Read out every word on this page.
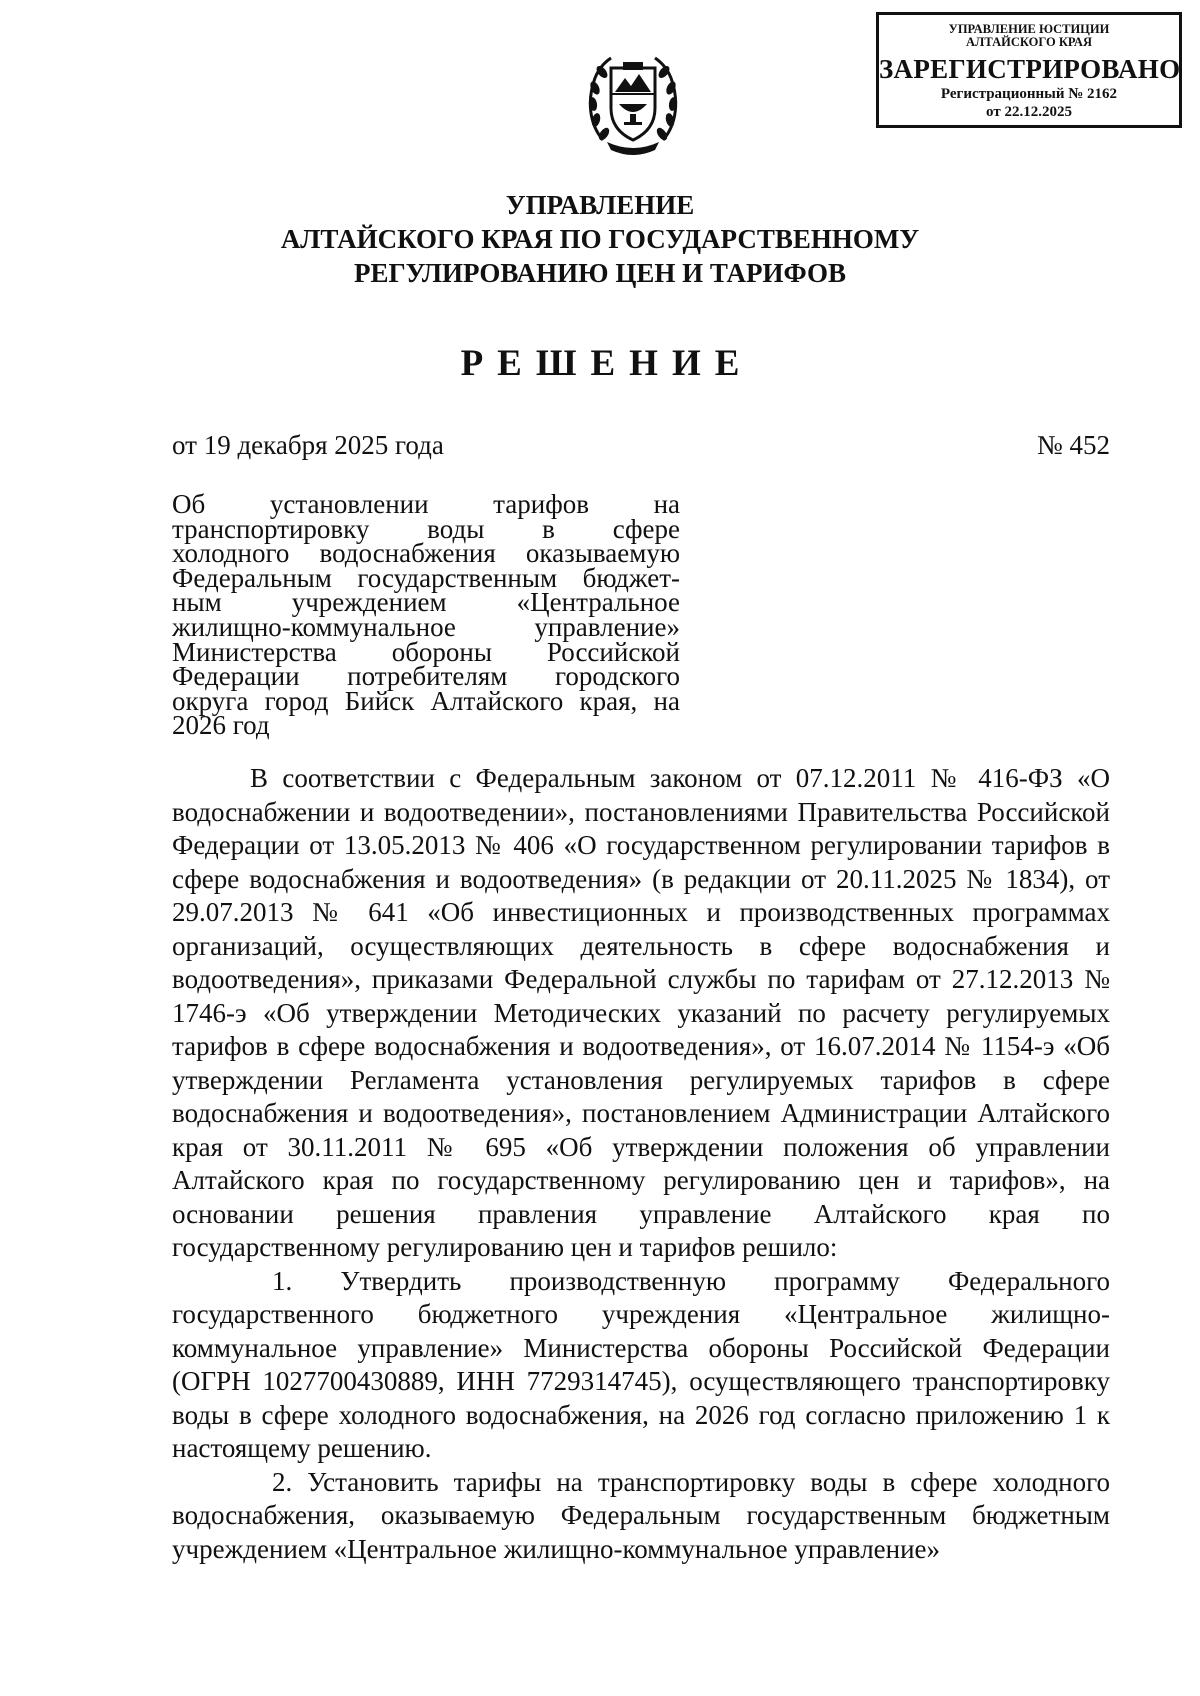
УПРАВЛЕНИЕ ЮСТИЦИИ
АЛТАЙСКОГО КРАЯ
ЗАРЕГИСТРИРОВАНО
Регистрационный № 2162
от 22.12.2025
УПРАВЛЕНИЕ
АЛТАЙСКОГО КРАЯ ПО ГОСУДАРСТВЕННОМУ
РЕГУЛИРОВАНИЮ ЦЕН И ТАРИФОВ
РЕШЕНИЕ
от 19 декабря 2025 года	№ 452
Об установлении тарифов на
транспортировку воды в сфере
холодного водоснабжения оказываемую
Федеральным государственным бюджет-
ным учреждением «Центральное
жилищно-коммунальное управление»
Министерства обороны Российской
Федерации потребителям городского
округа город Бийск Алтайского края, на
2026 год

В соответствии с Федеральным законом от 07.12.2011 № 416-ФЗ «О водоснабжении и водоотведении», постановлениями Правительства Российской Федерации от 13.05.2013 № 406 «О государственном регулировании тарифов в сфере водоснабжения и водоотведения» (в редакции от 20.11.2025 № 1834), от 29.07.2013 № 641 «Об инвестиционных и производственных программах организаций, осуществляющих деятельность в сфере водоснабжения и водоотведения», приказами Федеральной службы по тарифам от 27.12.2013 № 1746-э «Об утверждении Методических указаний по расчету регулируемых тарифов в сфере водоснабжения и водоотведения», от 16.07.2014 № 1154-э «Об утверждении Регламента установления регулируемых тарифов в сфере водоснабжения и водоотведения», постановлением Администрации Алтайского края от 30.11.2011 № 695 «Об утверждении положения об управлении Алтайского края по государственному регулированию цен и тарифов», на основании решения правления управление Алтайского края по государственному регулированию цен и тарифов решило:

1. Утвердить производственную программу Федерального государственного бюджетного учреждения «Центральное жилищно-коммунальное управление» Министерства обороны Российской Федерации (ОГРН 1027700430889, ИНН 7729314745), осуществляющего транспортировку воды в сфере холодного водоснабжения, на 2026 год согласно приложению 1 к настоящему решению.

2. Установить тарифы на транспортировку воды в сфере холодного водоснабжения, оказываемую Федеральным государственным бюджетным учреждением «Центральное жилищно-коммунальное управление»
